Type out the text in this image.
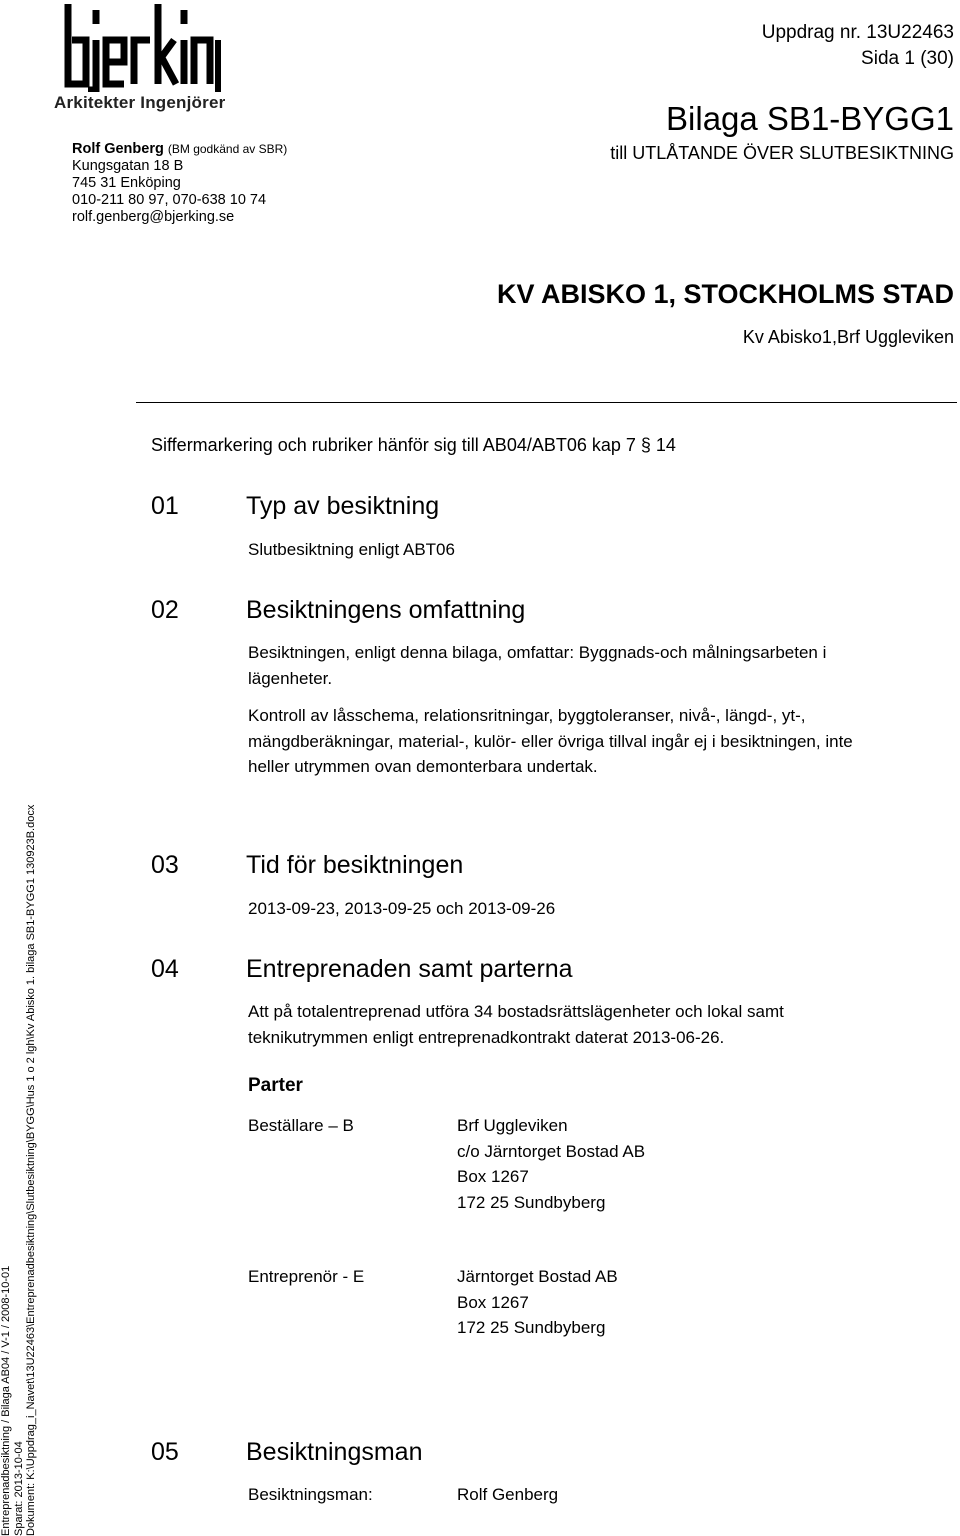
Arkitekter Ingenjörer
Rolf Genberg (BM godkänd av SBR)
Kungsgatan 18 B
745 31 Enköping
010-211 80 97, 070-638 10 74
rolf.genberg@bjerking.se
Uppdrag nr. 13U22463
Sida 1 (30)
Bilaga SB1-BYGG1
till UTLÅTANDE ÖVER SLUTBESIKTNING
KV ABISKO 1, STOCKHOLMS STAD
Kv Abisko1,Brf Uggleviken
Siffermarkering och rubriker hänför sig till AB04/ABT06 kap 7 § 14
01	Typ av besiktning
Slutbesiktning enligt ABT06
02	Besiktningens omfattning
Besiktningen, enligt denna bilaga, omfattar: Byggnads-och målningsarbeten i
lägenheter.
Kontroll av låsschema, relationsritningar, byggtoleranser, nivå-, längd-, yt-,
mängdberäkningar, material-, kulör- eller övriga tillval ingår ej i besiktningen, inte
heller utrymmen ovan demonterbara undertak.
03	Tid för besiktningen
2013-09-23, 2013-09-25 och 2013-09-26
04	Entreprenaden samt parterna
Att på totalentreprenad utföra 34 bostadsrättslägenheter och lokal samt
teknikutrymmen enligt entreprenadkontrakt daterat 2013-06-26.
Parter
Beställare – B	Brf Uggleviken
c/o Järntorget Bostad AB
Box 1267
172 25 Sundbyberg
Entreprenör - E	Järntorget Bostad AB
Box 1267
172 25 Sundbyberg
05	Besiktningsman
Besiktningsman:	Rolf Genberg
Entreprenadbesiktning / Bilaga AB04 / V-1 / 2008-10-01 Sparat: 2013-10-04 Dokument: K:\Uppdrag_i_Navet\13U22463\Entreprenadbesiktning\Slutbesiktning\BYGG\Hus 1 o 2 lgh\Kv Abisko 1. bilaga SB1-BYGG1 130923B.docx
